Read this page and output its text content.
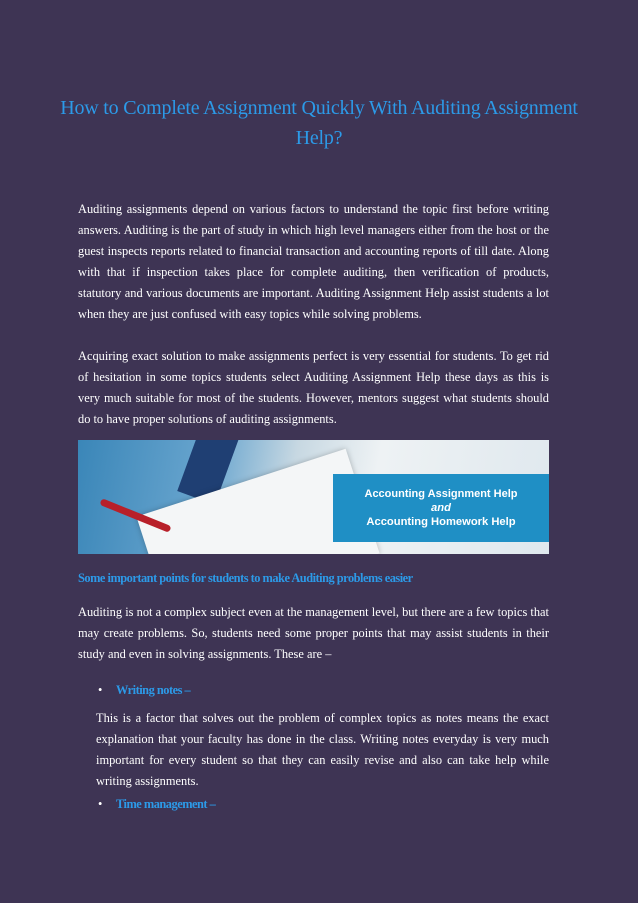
How to Complete Assignment Quickly With Auditing Assignment Help?

Auditing assignments depend on various factors to understand the topic first before writing answers. Auditing is the part of study in which high level managers either from the host or the guest inspects reports related to financial transaction and accounting reports of till date. Along with that if inspection takes place for complete auditing, then verification of products, statutory and various documents are important. Auditing Assignment Help assist students a lot when they are just confused with easy topics while solving problems.

Acquiring exact solution to make assignments perfect is very essential for students. To get rid of hesitation in some topics students select Auditing Assignment Help these days as this is very much suitable for most of the students. However, mentors suggest what students should do to have proper solutions of auditing assignments.

Accounting Assignment Help
and
Accounting Homework Help

Some important points for students to make Auditing problems easier

Auditing is not a complex subject even at the management level, but there are a few topics that may create problems. So, students need some proper points that may assist students in their study and even in solving assignments. These are –

• Writing notes –

This is a factor that solves out the problem of complex topics as notes means the exact explanation that your faculty has done in the class. Writing notes everyday is very much important for every student so that they can easily revise and also can take help while writing assignments.

• Time management –
